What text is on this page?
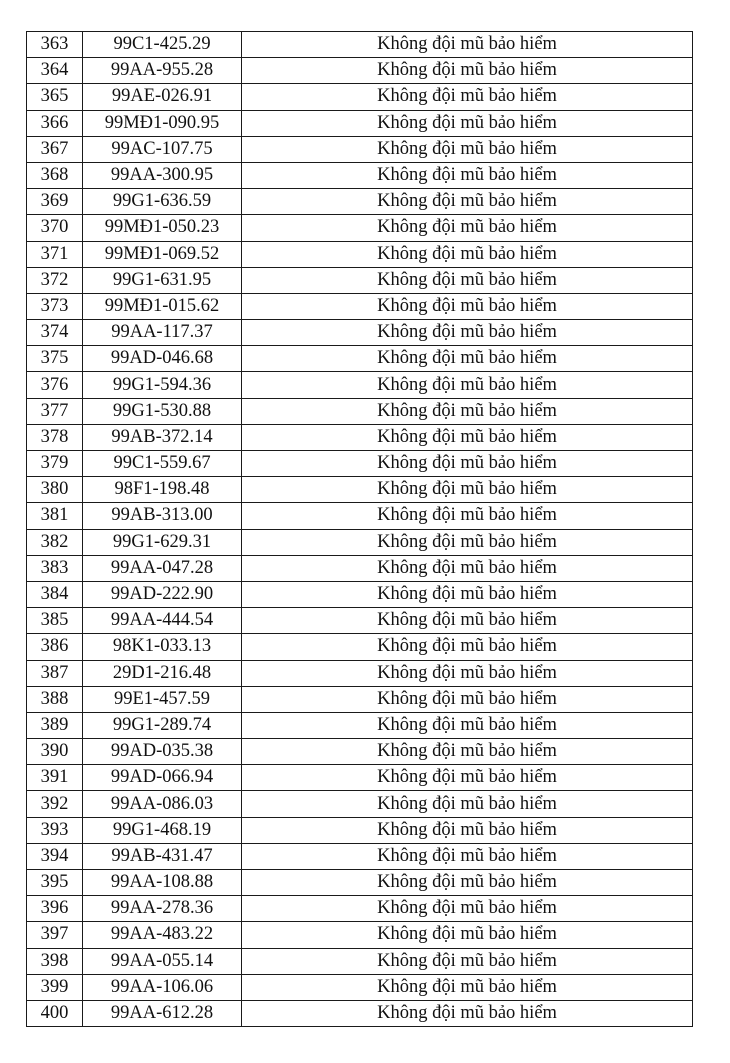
363	99C1-425.29	Không đội mũ bảo hiểm
364	99AA-955.28	Không đội mũ bảo hiểm
365	99AE-026.91	Không đội mũ bảo hiểm
366	99MĐ1-090.95	Không đội mũ bảo hiểm
367	99AC-107.75	Không đội mũ bảo hiểm
368	99AA-300.95	Không đội mũ bảo hiểm
369	99G1-636.59	Không đội mũ bảo hiểm
370	99MĐ1-050.23	Không đội mũ bảo hiểm
371	99MĐ1-069.52	Không đội mũ bảo hiểm
372	99G1-631.95	Không đội mũ bảo hiểm
373	99MĐ1-015.62	Không đội mũ bảo hiểm
374	99AA-117.37	Không đội mũ bảo hiểm
375	99AD-046.68	Không đội mũ bảo hiểm
376	99G1-594.36	Không đội mũ bảo hiểm
377	99G1-530.88	Không đội mũ bảo hiểm
378	99AB-372.14	Không đội mũ bảo hiểm
379	99C1-559.67	Không đội mũ bảo hiểm
380	98F1-198.48	Không đội mũ bảo hiểm
381	99AB-313.00	Không đội mũ bảo hiểm
382	99G1-629.31	Không đội mũ bảo hiểm
383	99AA-047.28	Không đội mũ bảo hiểm
384	99AD-222.90	Không đội mũ bảo hiểm
385	99AA-444.54	Không đội mũ bảo hiểm
386	98K1-033.13	Không đội mũ bảo hiểm
387	29D1-216.48	Không đội mũ bảo hiểm
388	99E1-457.59	Không đội mũ bảo hiểm
389	99G1-289.74	Không đội mũ bảo hiểm
390	99AD-035.38	Không đội mũ bảo hiểm
391	99AD-066.94	Không đội mũ bảo hiểm
392	99AA-086.03	Không đội mũ bảo hiểm
393	99G1-468.19	Không đội mũ bảo hiểm
394	99AB-431.47	Không đội mũ bảo hiểm
395	99AA-108.88	Không đội mũ bảo hiểm
396	99AA-278.36	Không đội mũ bảo hiểm
397	99AA-483.22	Không đội mũ bảo hiểm
398	99AA-055.14	Không đội mũ bảo hiểm
399	99AA-106.06	Không đội mũ bảo hiểm
400	99AA-612.28	Không đội mũ bảo hiểm
